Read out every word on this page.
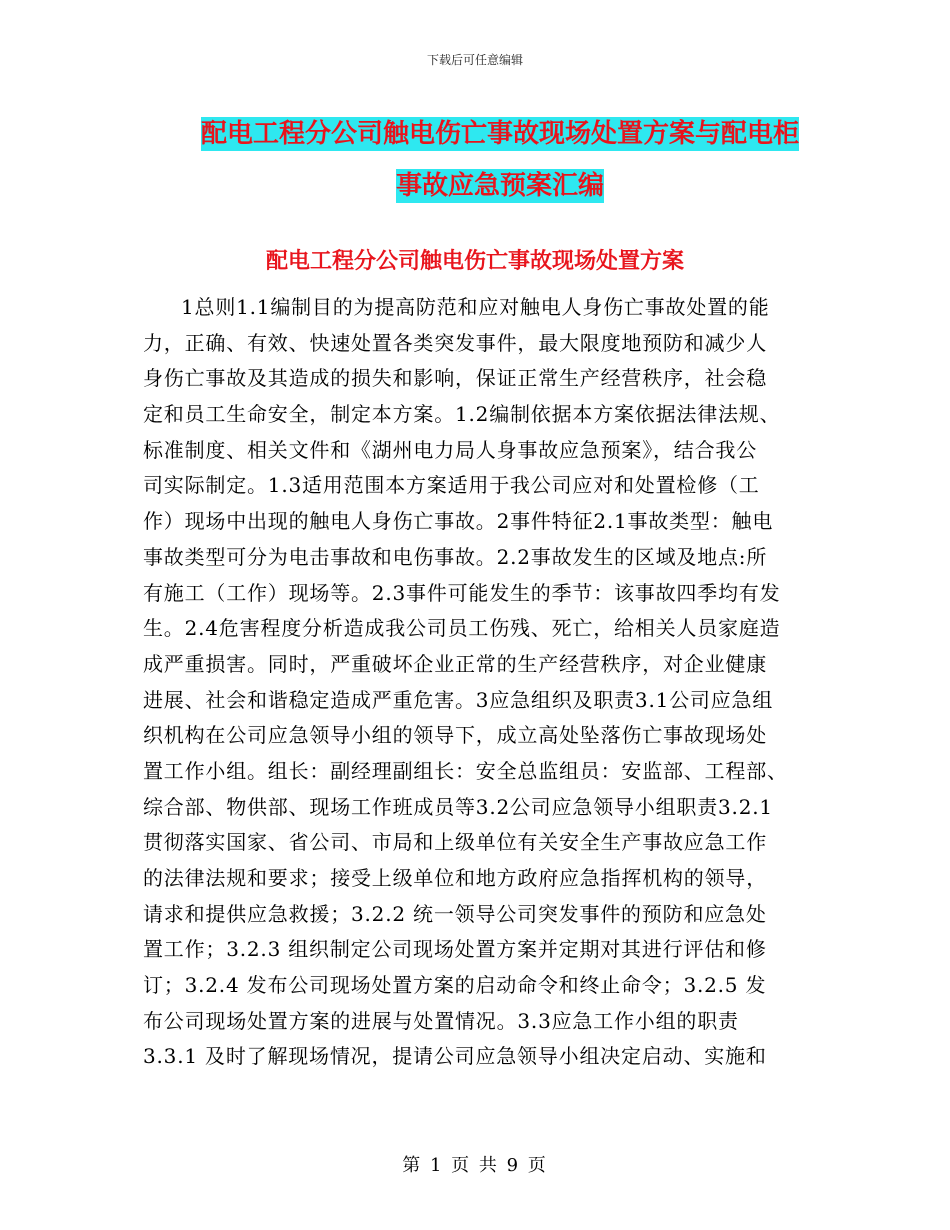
下载后可任意编辑
配电工程分公司触电伤亡事故现场处置方案与配电柜
事故应急预案汇编
配电工程分公司触电伤亡事故现场处置方案
1总则1.1编制目的为提高防范和应对触电人身伤亡事故处置的能
力，正确、有效、快速处置各类突发事件，最大限度地预防和减少人
身伤亡事故及其造成的损失和影响，保证正常生产经营秩序，社会稳
定和员工生命安全，制定本方案。1.2编制依据本方案依据法律法规、
标准制度、相关文件和《湖州电力局人身事故应急预案》，结合我公
司实际制定。1.3适用范围本方案适用于我公司应对和处置检修（工
作）现场中出现的触电人身伤亡事故。2事件特征2.1事故类型：触电
事故类型可分为电击事故和电伤事故。2.2事故发生的区域及地点:所
有施工（工作）现场等。2.3事件可能发生的季节：该事故四季均有发
生。2.4危害程度分析造成我公司员工伤残、死亡，给相关人员家庭造
成严重损害。同时，严重破坏企业正常的生产经营秩序，对企业健康
进展、社会和谐稳定造成严重危害。3应急组织及职责3.1公司应急组
织机构在公司应急领导小组的领导下，成立高处坠落伤亡事故现场处
置工作小组。组长：副经理副组长：安全总监组员：安监部、工程部、
综合部、物供部、现场工作班成员等3.2公司应急领导小组职责3.2.1
贯彻落实国家、省公司、市局和上级单位有关安全生产事故应急工作
的法律法规和要求；接受上级单位和地方政府应急指挥机构的领导，
请求和提供应急救援；3.2.2 统一领导公司突发事件的预防和应急处
置工作；3.2.3 组织制定公司现场处置方案并定期对其进行评估和修
订；3.2.4 发布公司现场处置方案的启动命令和终止命令；3.2.5 发
布公司现场处置方案的进展与处置情况。3.3应急工作小组的职责
3.3.1 及时了解现场情况，提请公司应急领导小组决定启动、实施和
第 1 页 共 9 页
